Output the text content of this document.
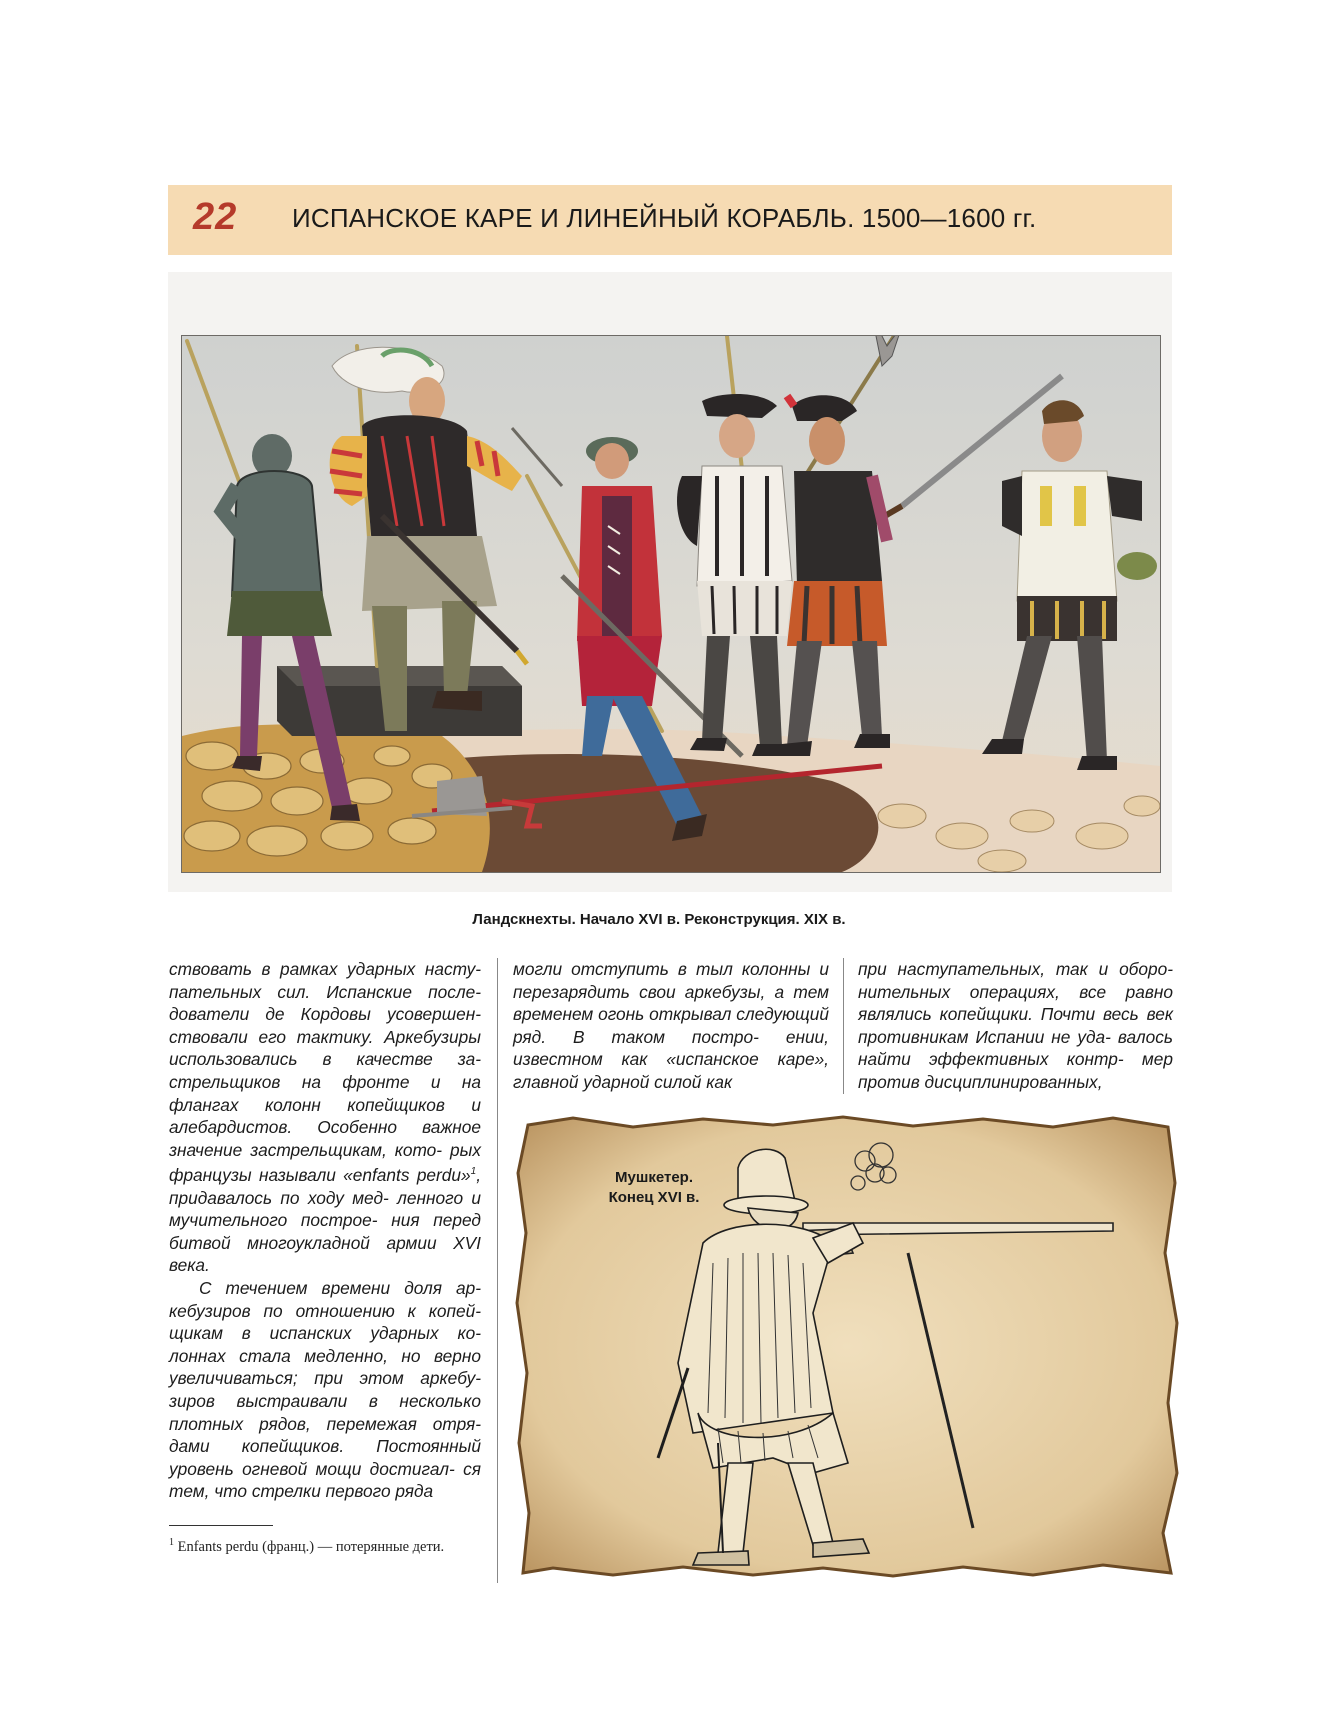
22 ИСПАНСКОЕ КАРЕ И ЛИНЕЙНЫЙ КОРАБЛЬ. 1500—1600 гг.
Ландскнехты. Начало XVI в. Реконструкция. XIX в.

ствовать в рамках ударных насту- пательных сил. Испанские после- дователи де Кордовы усовершен- ствовали его тактику. Аркебузиры использовались в качестве за- стрельщиков на фронте и на флангах колонн копейщиков и алебардистов. Особенно важное значение застрельщикам, кото- рых французы называли «enfants perdu»$^1$, придавалось по ходу мед- ленного и мучительного построе- ния перед битвой многоукладной армии XVI века.

С течением времени доля ар- кебузиров по отношению к копей- щикам в испанских ударных ко- лоннах стала медленно, но верно увеличиваться; при этом аркебу- зиров выстраивали в несколько плотных рядов, перемежая отря- дами копейщиков. Постоянный уровень огневой мощи достигал- ся тем, что стрелки первого ряда

могли отступить в тыл колонны и перезарядить свои аркебузы, а тем временем огонь открывал следующий ряд. В таком постро- ении, известном как «испанское каре», главной ударной силой как

при наступательных, так и оборо- нительных операциях, все равно являлись копейщики. Почти весь век противникам Испании не уда- валось найти эффективных контр- мер против дисциплинированных,

Мушкетер.
Конец XVI в.
$^1$ Enfants perdu (франц.) — потерянные дети.
